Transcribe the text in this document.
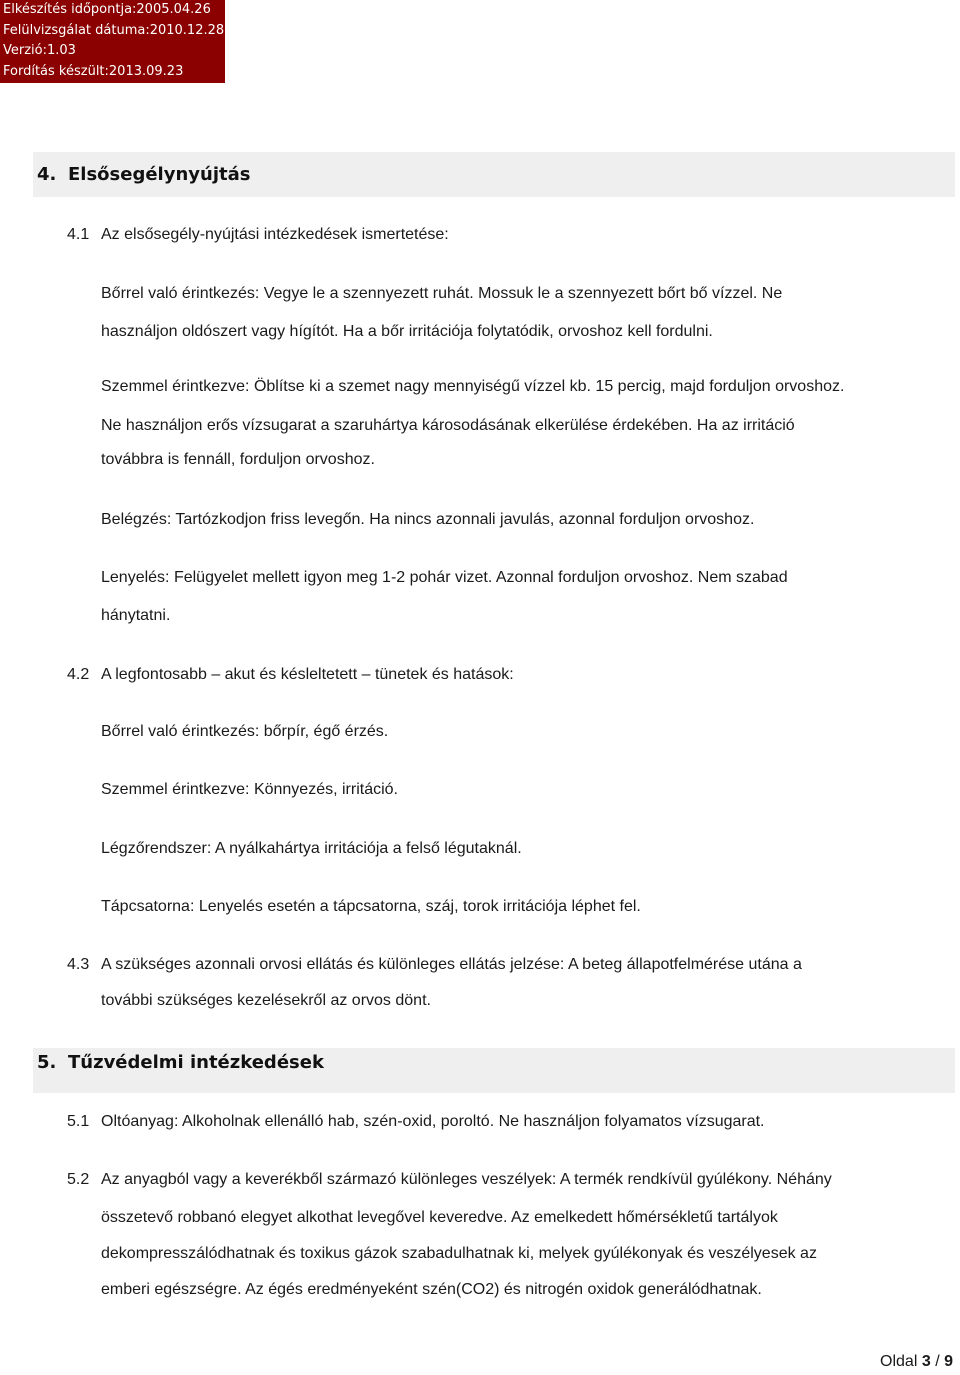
Elkészítés időpontja:2005.04.26
Felülvizsgálat dátuma:2010.12.28
Verzió:1.03
Fordítás készült:2013.09.23
4. Elsősegélynyújtás
4.1 Az elsősegély-nyújtási intézkedések ismertetése:
Bőrrel való érintkezés: Vegye le a szennyezett ruhát. Mossuk le a szennyezett bőrt bő vízzel. Ne
használjon oldószert vagy hígítót. Ha a bőr irritációja folytatódik, orvoshoz kell fordulni.
Szemmel érintkezve: Öblítse ki a szemet nagy mennyiségű vízzel kb. 15 percig, majd forduljon orvoshoz.
Ne használjon erős vízsugarat a szaruhártya károsodásának elkerülése érdekében. Ha az irritáció
továbbra is fennáll, forduljon orvoshoz.
Belégzés: Tartózkodjon friss levegőn. Ha nincs azonnali javulás, azonnal forduljon orvoshoz.
Lenyelés: Felügyelet mellett igyon meg 1-2 pohár vizet. Azonnal forduljon orvoshoz. Nem szabad
hánytatni.
4.2 A legfontosabb – akut és késleltetett – tünetek és hatások:
Bőrrel való érintkezés: bőrpír, égő érzés.
Szemmel érintkezve: Könnyezés, irritáció.
Légzőrendszer: A nyálkahártya irritációja a felső légutaknál.
Tápcsatorna: Lenyelés esetén a tápcsatorna, száj, torok irritációja léphet fel.
4.3 A szükséges azonnali orvosi ellátás és különleges ellátás jelzése: A beteg állapotfelmérése utána a
további szükséges kezelésekről az orvos dönt.
5. Tűzvédelmi intézkedések
5.1 Oltóanyag: Alkoholnak ellenálló hab, szén-oxid, poroltó. Ne használjon folyamatos vízsugarat.
5.2 Az anyagból vagy a keverékből származó különleges veszélyek: A termék rendkívül gyúlékony. Néhány
összetevő robbanó elegyet alkothat levegővel keveredve. Az emelkedett hőmérsékletű tartályok
dekompresszálódhatnak és toxikus gázok szabadulhatnak ki, melyek gyúlékonyak és veszélyesek az
emberi egészségre. Az égés eredményeként szén(CO2) és nitrogén oxidok generálódhatnak.
Oldal 3 / 9
